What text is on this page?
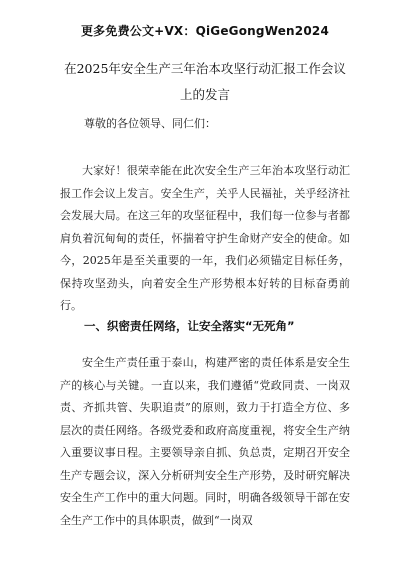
更多免费公文+VX：QiGeGongWen2024
在2025年安全生产三年治本攻坚行动汇报工作会议上的发言
尊敬的各位领导、同仁们：

大家好！很荣幸能在此次安全生产三年治本攻坚行动汇报工作会议上发言。安全生产，关乎人民福祉，关乎经济社会发展大局。在这三年的攻坚征程中，我们每一位参与者都肩负着沉甸甸的责任，怀揣着守护生命财产安全的使命。如今，2025年是至关重要的一年，我们必须锚定目标任务，保持攻坚劲头，向着安全生产形势根本好转的目标奋勇前行。

一、织密责任网络，让安全落实“无死角”

安全生产责任重于泰山，构建严密的责任体系是安全生产的核心与关键。一直以来，我们遵循“党政同责、一岗双责、齐抓共管、失职追责”的原则，致力于打造全方位、多层次的责任网络。各级党委和政府高度重视，将安全生产纳入重要议事日程。主要领导亲自抓、负总责，定期召开安全生产专题会议，深入分析研判安全生产形势，及时研究解决安全生产工作中的重大问题。同时，明确各级领导干部在安全生产工作中的具体职责，做到“一岗双
